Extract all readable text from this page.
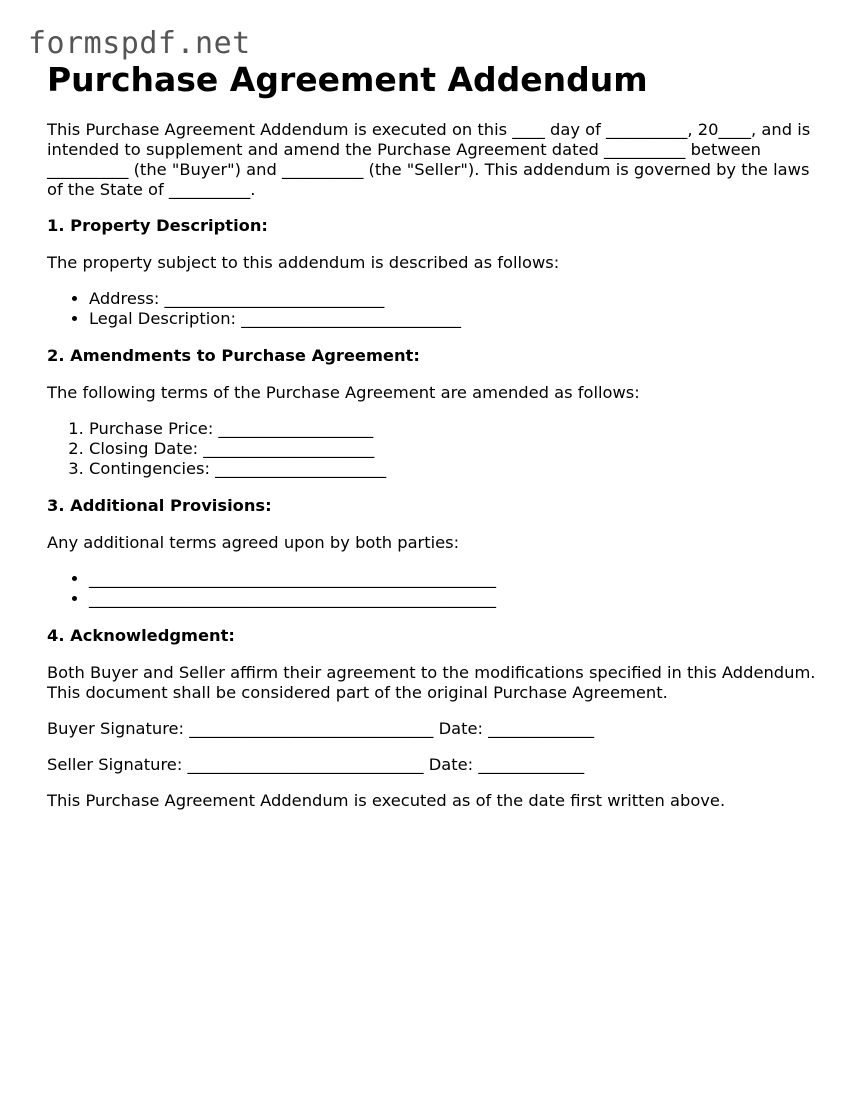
formspdf.net
Purchase Agreement Addendum

This Purchase Agreement Addendum is executed on this ____ day of __________, 20____, and is intended to supplement and amend the Purchase Agreement dated __________ between __________ (the "Buyer") and __________ (the "Seller"). This addendum is governed by the laws of the State of __________.

1. Property Description:

The property subject to this addendum is described as follows:

• Address: ___________________________
• Legal Description: ___________________________
2. Amendments to Purchase Agreement:

The following terms of the Purchase Agreement are amended as follows:

1. Purchase Price: ___________________
2. Closing Date: _____________________
3. Contingencies: _____________________
3. Additional Provisions:

Any additional terms agreed upon by both parties:

• __________________________________________________
• __________________________________________________
4. Acknowledgment:

Both Buyer and Seller affirm their agreement to the modifications specified in this Addendum. This document shall be considered part of the original Purchase Agreement.

Buyer Signature: ______________________________ Date: _____________

Seller Signature: _____________________________ Date: _____________

This Purchase Agreement Addendum is executed as of the date first written above.
